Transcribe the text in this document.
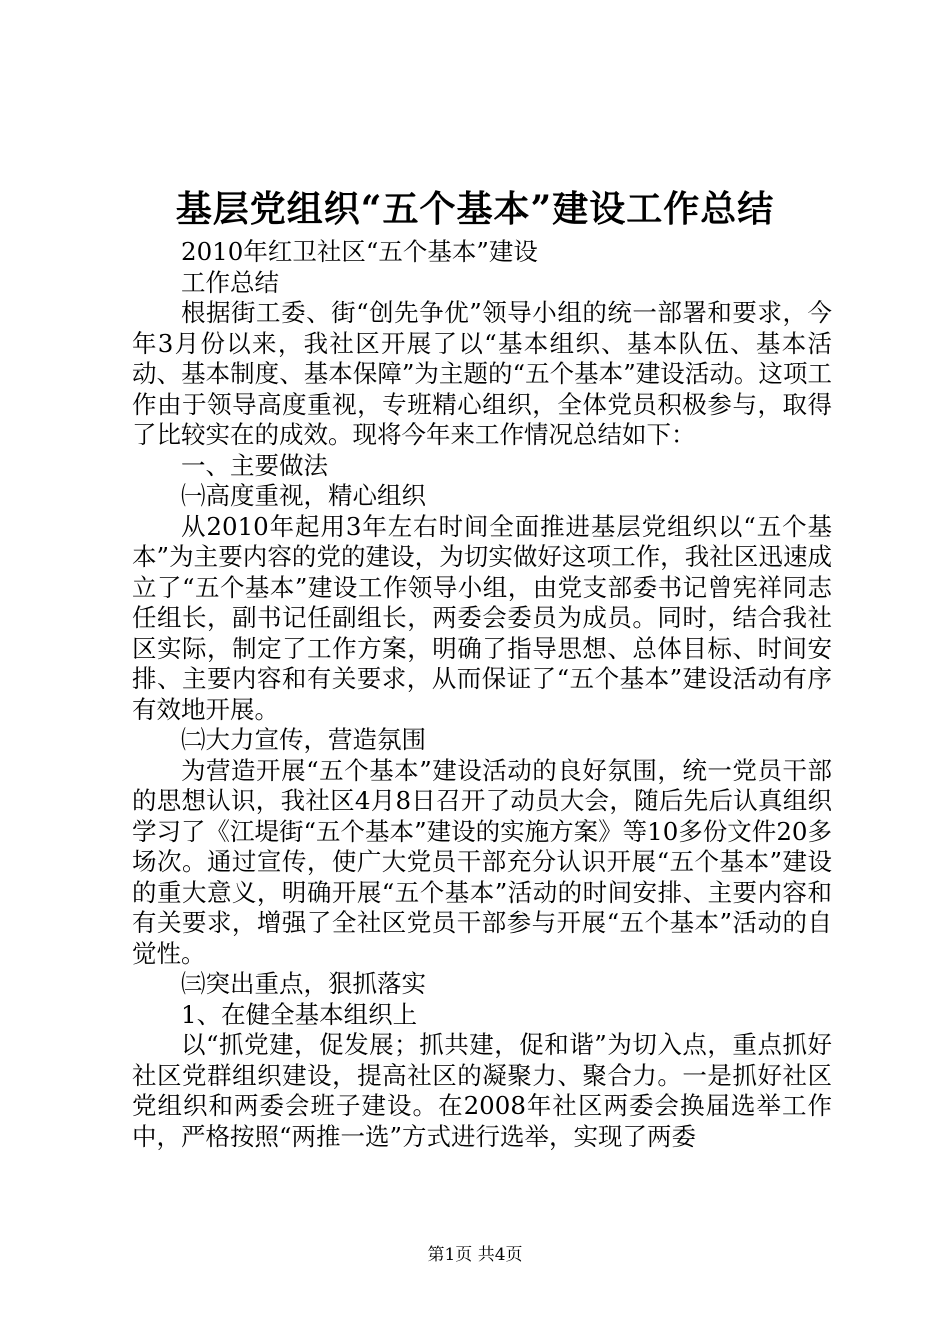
基层党组织“五个基本”建设工作总结

2010年红卫社区“五个基本”建设

工作总结

根据街工委、街“创先争优”领导小组的统一部署和要求，今年3月份以来，我社区开展了以“基本组织、基本队伍、基本活动、基本制度、基本保障”为主题的“五个基本”建设活动。这项工作由于领导高度重视，专班精心组织，全体党员积极参与，取得了比较实在的成效。现将今年来工作情况总结如下：

一、主要做法

㈠高度重视，精心组织

从2010年起用3年左右时间全面推进基层党组织以“五个基本”为主要内容的党的建设，为切实做好这项工作，我社区迅速成立了“五个基本”建设工作领导小组，由党支部委书记曾宪祥同志任组长，副书记任副组长，两委会委员为成员。同时，结合我社区实际，制定了工作方案，明确了指导思想、总体目标、时间安排、主要内容和有关要求，从而保证了“五个基本”建设活动有序有效地开展。

㈡大力宣传，营造氛围

为营造开展“五个基本”建设活动的良好氛围，统一党员干部的思想认识，我社区4月8日召开了动员大会，随后先后认真组织学习了《江堤街“五个基本”建设的实施方案》等10多份文件20多场次。通过宣传，使广大党员干部充分认识开展“五个基本”建设的重大意义，明确开展“五个基本”活动的时间安排、主要内容和有关要求，增强了全社区党员干部参与开展“五个基本”活动的自觉性。

㈢突出重点，狠抓落实

1、在健全基本组织上

以“抓党建，促发展；抓共建，促和谐”为切入点，重点抓好社区党群组织建设，提高社区的凝聚力、聚合力。一是抓好社区党组织和两委会班子建设。在2008年社区两委会换届选举工作中，严格按照“两推一选”方式进行选举，实现了两委

第1页 共4页
